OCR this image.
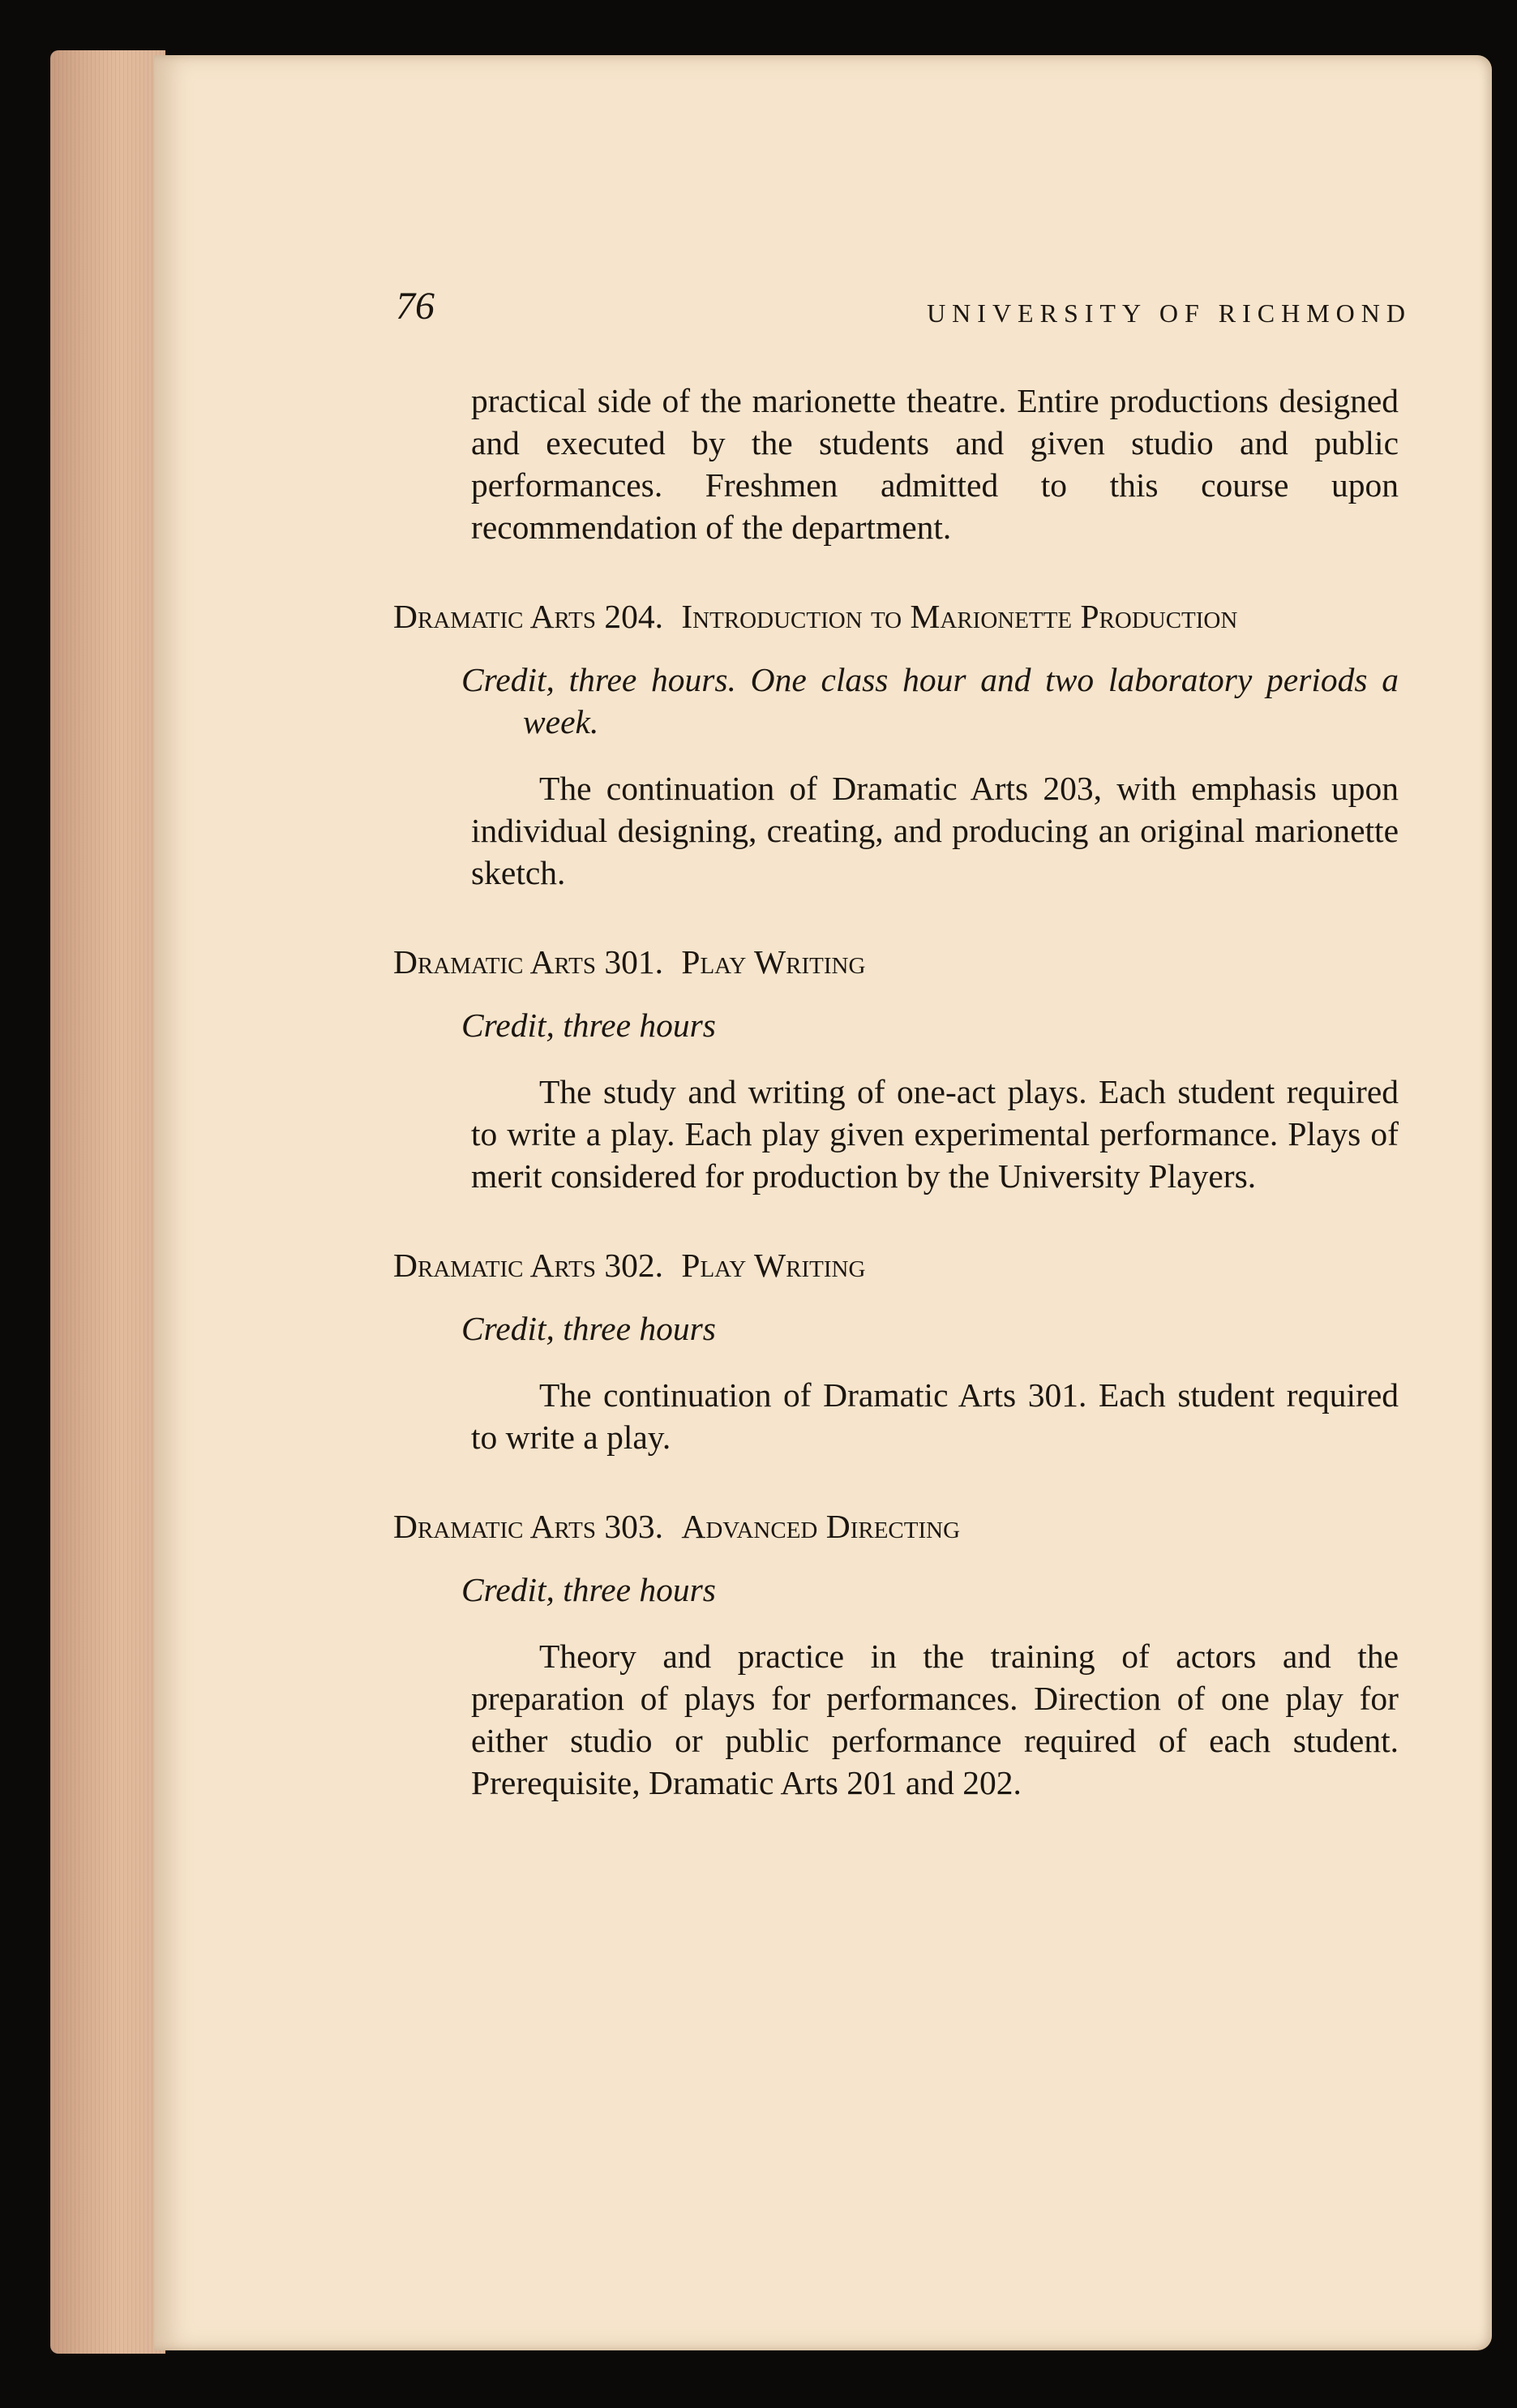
76	UNIVERSITY OF RICHMOND

practical side of the marionette theatre. Entire productions designed and executed by the students and given studio and public performances. Freshmen admitted to this course upon recommendation of the department.

Dramatic Arts 204. Introduction to Marionette Production

Credit, three hours. One class hour and two laboratory periods a week.

The continuation of Dramatic Arts 203, with emphasis upon individual designing, creating, and producing an original marionette sketch.

Dramatic Arts 301. Play Writing

Credit, three hours

The study and writing of one-act plays. Each student required to write a play. Each play given experimental performance. Plays of merit considered for production by the University Players.

Dramatic Arts 302. Play Writing

Credit, three hours

The continuation of Dramatic Arts 301. Each student required to write a play.

Dramatic Arts 303. Advanced Directing

Credit, three hours

Theory and practice in the training of actors and the preparation of plays for performances. Direction of one play for either studio or public performance required of each student. Prerequisite, Dramatic Arts 201 and 202.
